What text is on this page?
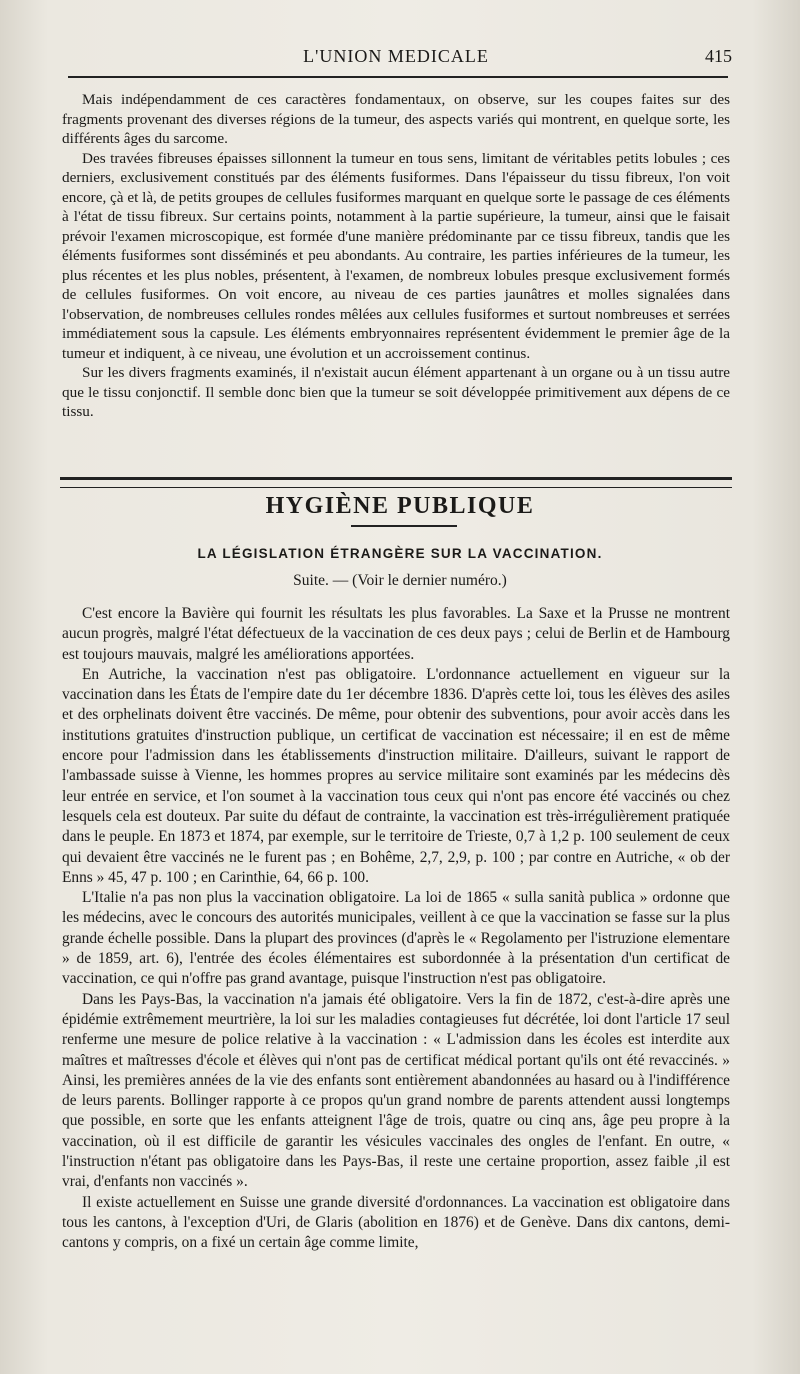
L'UNION MEDICALE	415

Mais indépendamment de ces caractères fondamentaux, on observe, sur les coupes faites sur des fragments provenant des diverses régions de la tumeur, des aspects variés qui montrent, en quelque sorte, les différents âges du sarcome.

Des travées fibreuses épaisses sillonnent la tumeur en tous sens, limitant de véritables petits lobules ; ces derniers, exclusivement constitués par des éléments fusiformes. Dans l'épaisseur du tissu fibreux, l'on voit encore, çà et là, de petits groupes de cellules fusiformes marquant en quelque sorte le passage de ces éléments à l'état de tissu fibreux. Sur certains points, notamment à la partie supérieure, la tumeur, ainsi que le faisait prévoir l'examen microscopique, est formée d'une manière prédominante par ce tissu fibreux, tandis que les éléments fusiformes sont disséminés et peu abondants. Au contraire, les parties inférieures de la tumeur, les plus récentes et les plus nobles, présentent, à l'examen, de nombreux lobules presque exclusivement formés de cellules fusiformes. On voit encore, au niveau de ces parties jaunâtres et molles signalées dans l'observation, de nombreuses cellules rondes mêlées aux cellules fusiformes et surtout nombreuses et serrées immédiatement sous la capsule. Les éléments embryonnaires représentent évidemment le premier âge de la tumeur et indiquent, à ce niveau, une évolution et un accroissement continus.

Sur les divers fragments examinés, il n'existait aucun élément appartenant à un organe ou à un tissu autre que le tissu conjonctif. Il semble donc bien que la tumeur se soit développée primitivement aux dépens de ce tissu.

HYGIÈNE PUBLIQUE
LA LÉGISLATION ÉTRANGÈRE SUR LA VACCINATION.
Suite. — (Voir le dernier numéro.)

C'est encore la Bavière qui fournit les résultats les plus favorables. La Saxe et la Prusse ne montrent aucun progrès, malgré l'état défectueux de la vaccination de ces deux pays ; celui de Berlin et de Hambourg est toujours mauvais, malgré les améliorations apportées.

En Autriche, la vaccination n'est pas obligatoire. L'ordonnance actuellement en vigueur sur la vaccination dans les États de l'empire date du 1er décembre 1836. D'après cette loi, tous les élèves des asiles et des orphelinats doivent être vaccinés. De même, pour obtenir des subventions, pour avoir accès dans les institutions gratuites d'instruction publique, un certificat de vaccination est nécessaire; il en est de même encore pour l'admission dans les établissements d'instruction militaire. D'ailleurs, suivant le rapport de l'ambassade suisse à Vienne, les hommes propres au service militaire sont examinés par les médecins dès leur entrée en service, et l'on soumet à la vaccination tous ceux qui n'ont pas encore été vaccinés ou chez lesquels cela est douteux. Par suite du défaut de contrainte, la vaccination est très-irrégulièrement pratiquée dans le peuple. En 1873 et 1874, par exemple, sur le territoire de Trieste, 0,7 à 1,2 p. 100 seulement de ceux qui devaient être vaccinés ne le furent pas ; en Bohême, 2,7, 2,9, p. 100 ; par contre en Autriche, « ob der Enns » 45, 47 p. 100 ; en Carinthie, 64, 66 p. 100.

L'Italie n'a pas non plus la vaccination obligatoire. La loi de 1865 « sulla sanità publica » ordonne que les médecins, avec le concours des autorités municipales, veillent à ce que la vaccination se fasse sur la plus grande échelle possible. Dans la plupart des provinces (d'après le « Regolamento per l'istruzione elementare » de 1859, art. 6), l'entrée des écoles élémentaires est subordonnée à la présentation d'un certificat de vaccination, ce qui n'offre pas grand avantage, puisque l'instruction n'est pas obligatoire.

Dans les Pays-Bas, la vaccination n'a jamais été obligatoire. Vers la fin de 1872, c'est-à-dire après une épidémie extrêmement meurtrière, la loi sur les maladies contagieuses fut décrétée, loi dont l'article 17 seul renferme une mesure de police relative à la vaccination : « L'admission dans les écoles est interdite aux maîtres et maîtresses d'école et élèves qui n'ont pas de certificat médical portant qu'ils ont été revaccinés. » Ainsi, les premières années de la vie des enfants sont entièrement abandonnées au hasard ou à l'indifférence de leurs parents. Bollinger rapporte à ce propos qu'un grand nombre de parents attendent aussi longtemps que possible, en sorte que les enfants atteignent l'âge de trois, quatre ou cinq ans, âge peu propre à la vaccination, où il est difficile de garantir les vésicules vaccinales des ongles de l'enfant. En outre, « l'instruction n'étant pas obligatoire dans les Pays-Bas, il reste une certaine proportion, assez faible ,il est vrai, d'enfants non vaccinés ».

Il existe actuellement en Suisse une grande diversité d'ordonnances. La vaccination est obligatoire dans tous les cantons, à l'exception d'Uri, de Glaris (abolition en 1876) et de Genève. Dans dix cantons, demi-cantons y compris, on a fixé un certain âge comme limite,
